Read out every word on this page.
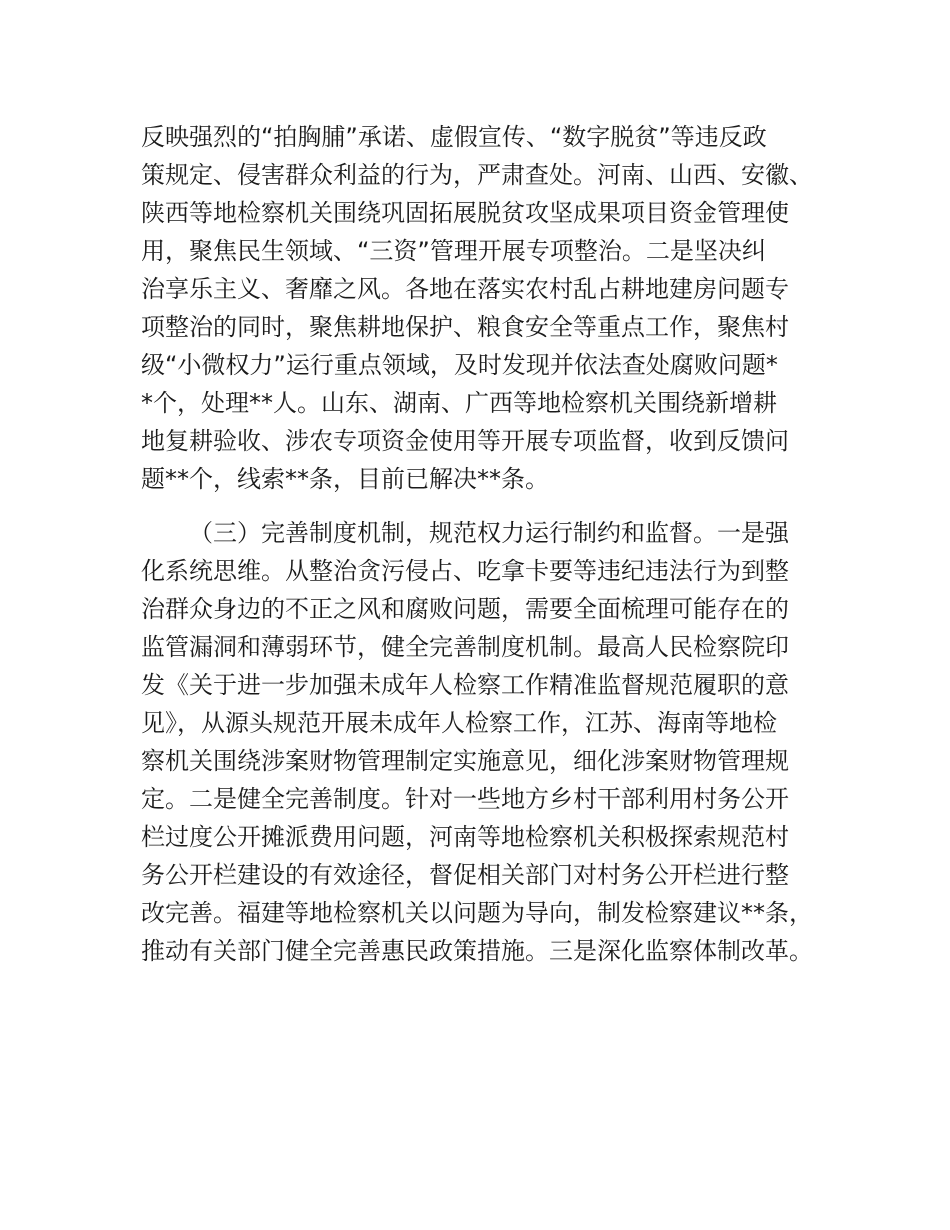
反映强烈的“拍胸脯”承诺、虚假宣传、“数字脱贫”等违反政
策规定、侵害群众利益的行为，严肃查处。河南、山西、安徽、
陕西等地检察机关围绕巩固拓展脱贫攻坚成果项目资金管理使
用，聚焦民生领域、“三资”管理开展专项整治。二是坚决纠
治享乐主义、奢靡之风。各地在落实农村乱占耕地建房问题专
项整治的同时，聚焦耕地保护、粮食安全等重点工作，聚焦村
级“小微权力”运行重点领域，及时发现并依法查处腐败问题*
*个，处理**人。山东、湖南、广西等地检察机关围绕新增耕
地复耕验收、涉农专项资金使用等开展专项监督，收到反馈问
题**个，线索**条，目前已解决**条。
（三）完善制度机制，规范权力运行制约和监督。一是强
化系统思维。从整治贪污侵占、吃拿卡要等违纪违法行为到整
治群众身边的不正之风和腐败问题，需要全面梳理可能存在的
监管漏洞和薄弱环节，健全完善制度机制。最高人民检察院印
发《关于进一步加强未成年人检察工作精准监督规范履职的意
见》，从源头规范开展未成年人检察工作，江苏、海南等地检
察机关围绕涉案财物管理制定实施意见，细化涉案财物管理规
定。二是健全完善制度。针对一些地方乡村干部利用村务公开
栏过度公开摊派费用问题，河南等地检察机关积极探索规范村
务公开栏建设的有效途径，督促相关部门对村务公开栏进行整
改完善。福建等地检察机关以问题为导向，制发检察建议**条，
推动有关部门健全完善惠民政策措施。三是深化监察体制改革。
